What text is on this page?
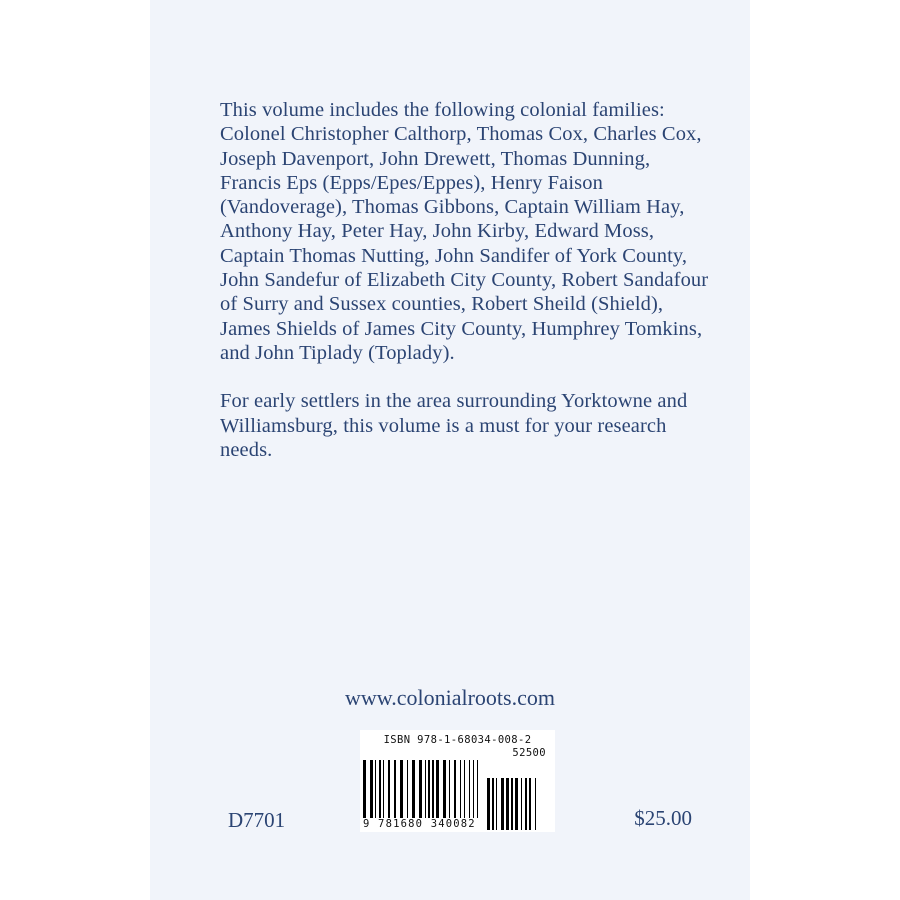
This volume includes the following colonial families: Colonel Christopher Calthorp, Thomas Cox, Charles Cox, Joseph Davenport, John Drewett, Thomas Dunning, Francis Eps (Epps/Epes/Eppes), Henry Faison (Vandoverage), Thomas Gibbons, Captain William Hay, Anthony Hay, Peter Hay, John Kirby, Edward Moss, Captain Thomas Nutting, John Sandifer of York County, John Sandefur of Elizabeth City County, Robert Sandafour of Surry and Sussex counties, Robert Sheild (Shield), James Shields of James City County, Humphrey Tomkins, and John Tiplady (Toplady).

For early settlers in the area surrounding Yorktowne and Williamsburg, this volume is a must for your research needs.

www.colonialroots.com
ISBN 978-1-68034-008-2
52500
9 781680 340082
D7701	$25.00
